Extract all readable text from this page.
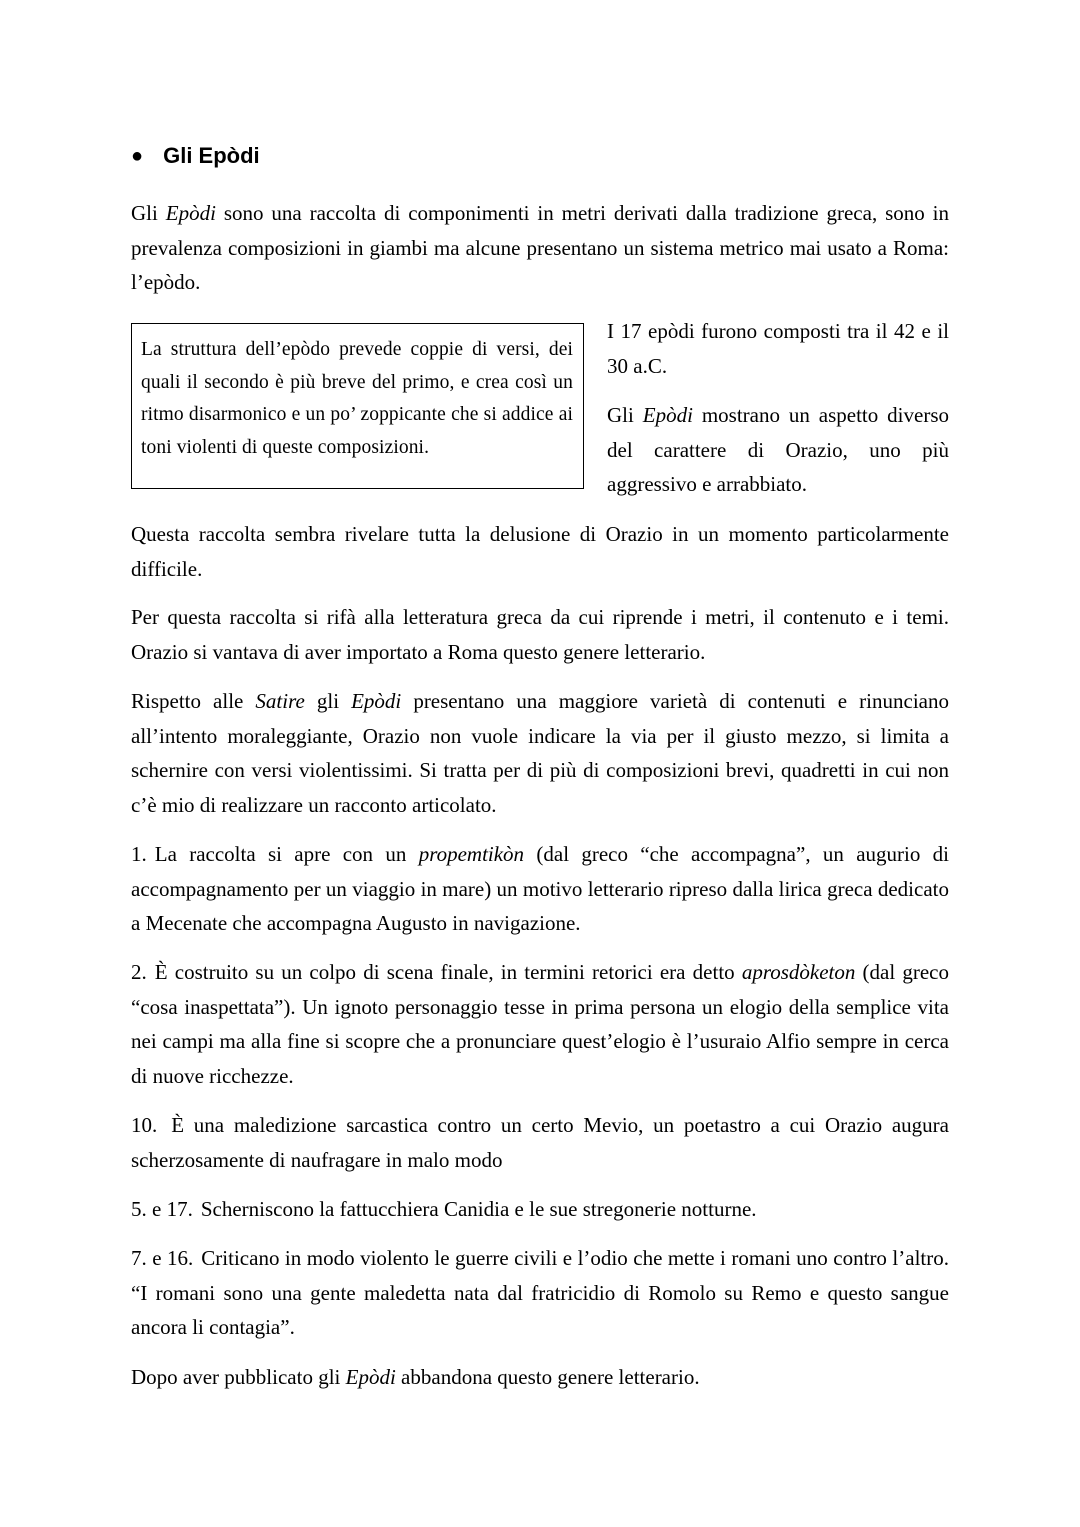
● Gli Epòdi

Gli Epòdi sono una raccolta di componimenti in metri derivati dalla tradizione greca, sono in prevalenza composizioni in giambi ma alcune presentano un sistema metrico mai usato a Roma: l’epòdo.

La struttura dell’epòdo prevede coppie di versi, dei quali il secondo è più breve del primo, e crea così un ritmo disarmonico e un po’ zoppicante che si addice ai toni violenti di queste composizioni.

I 17 epòdi furono composti tra il 42 e il 30 a.C.

Gli Epòdi mostrano un aspetto diverso del carattere di Orazio, uno più aggressivo e arrabbiato.

Questa raccolta sembra rivelare tutta la delusione di Orazio in un momento particolarmente difficile.

Per questa raccolta si rifà alla letteratura greca da cui riprende i metri, il contenuto e i temi. Orazio si vantava di aver importato a Roma questo genere letterario.

Rispetto alle Satire gli Epòdi presentano una maggiore varietà di contenuti e rinunciano all’intento moraleggiante, Orazio non vuole indicare la via per il giusto mezzo, si limita a schernire con versi violentissimi. Si tratta per di più di composizioni brevi, quadretti in cui non c’è mio di realizzare un racconto articolato.

1. La raccolta si apre con un propemtikòn (dal greco “che accompagna”, un augurio di accompagnamento per un viaggio in mare) un motivo letterario ripreso dalla lirica greca dedicato a Mecenate che accompagna Augusto in navigazione.

2. È costruito su un colpo di scena finale, in termini retorici era detto aprosdòketon (dal greco “cosa inaspettata”). Un ignoto personaggio tesse in prima persona un elogio della semplice vita nei campi ma alla fine si scopre che a pronunciare quest’elogio è l’usuraio Alfio sempre in cerca di nuove ricchezze.

10. È una maledizione sarcastica contro un certo Mevio, un poetastro a cui Orazio augura scherzosamente di naufragare in malo modo

5. e 17. Scherniscono la fattucchiera Canidia e le sue stregonerie notturne.

7. e 16. Criticano in modo violento le guerre civili e l’odio che mette i romani uno contro l’altro. “I romani sono una gente maledetta nata dal fratricidio di Romolo su Remo e questo sangue ancora li contagia”.

Dopo aver pubblicato gli Epòdi abbandona questo genere letterario.
